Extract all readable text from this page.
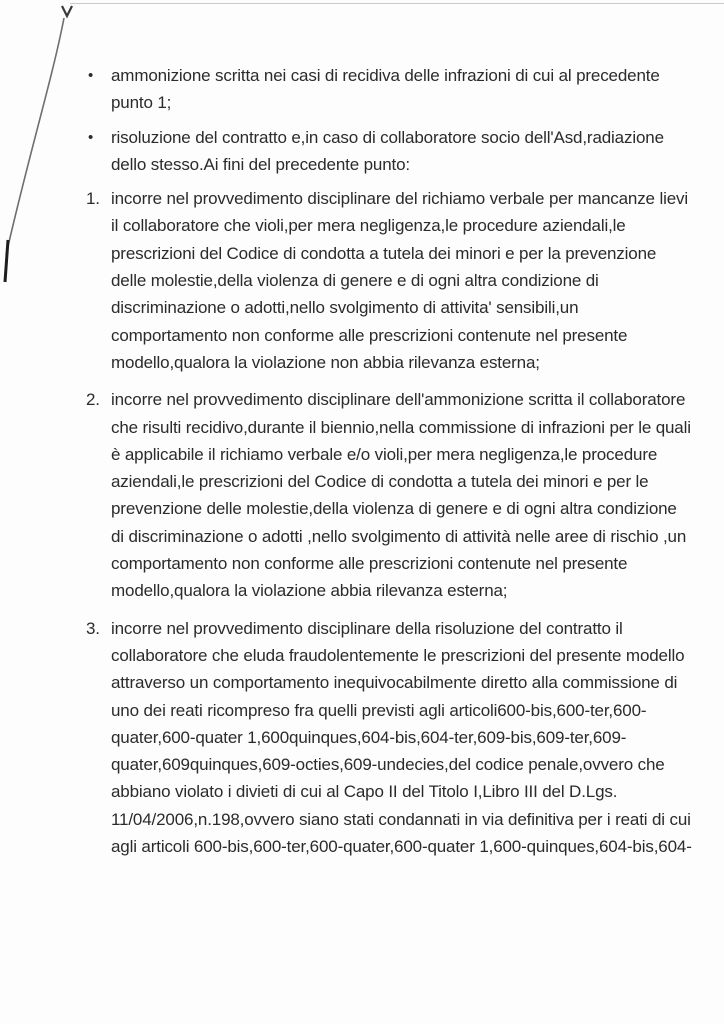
• ammonizione scritta nei casi di recidiva delle infrazioni di cui al precedente punto 1;
• risoluzione del contratto e,in caso di collaboratore socio dell'Asd,radiazione dello stesso.Ai fini del precedente punto:
1. incorre nel provvedimento disciplinare del richiamo verbale per mancanze lievi il collaboratore che violi,per mera negligenza,le procedure aziendali,le prescrizioni del Codice di condotta a tutela dei minori e per la prevenzione delle molestie,della violenza di genere e di ogni altra condizione di discriminazione o adotti,nello svolgimento di attivita' sensibili,un comportamento non conforme alle prescrizioni contenute nel presente modello,qualora la violazione non abbia rilevanza esterna;
2. incorre nel provvedimento disciplinare dell'ammonizione scritta il collaboratore che risulti recidivo,durante il biennio,nella commissione di infrazioni per le quali è applicabile il richiamo verbale e/o violi,per mera negligenza,le procedure aziendali,le prescrizioni del Codice di condotta a tutela dei minori e per le prevenzione delle molestie,della violenza di genere e di ogni altra condizione di discriminazione o adotti ,nello svolgimento di attività nelle aree di rischio ,un comportamento non conforme alle prescrizioni contenute nel presente modello,qualora la violazione abbia rilevanza esterna;
3. incorre nel provvedimento disciplinare della risoluzione del contratto il collaboratore che eluda fraudolentemente le prescrizioni del presente modello attraverso un comportamento inequivocabilmente diretto alla commissione di uno dei reati ricompreso fra quelli previsti agli articoli600-bis,600-ter,600-quater,600-quater 1,600quinques,604-bis,604-ter,609-bis,609-ter,609-quater,609quinques,609-octies,609-undecies,del codice penale,ovvero che abbiano violato i divieti di cui al Capo II del Titolo I,Libro III del D.Lgs. 11/04/2006,n.198,ovvero siano stati condannati in via definitiva per i reati di cui agli articoli 600-bis,600-ter,600-quater,600-quater 1,600-quinques,604-bis,604-
